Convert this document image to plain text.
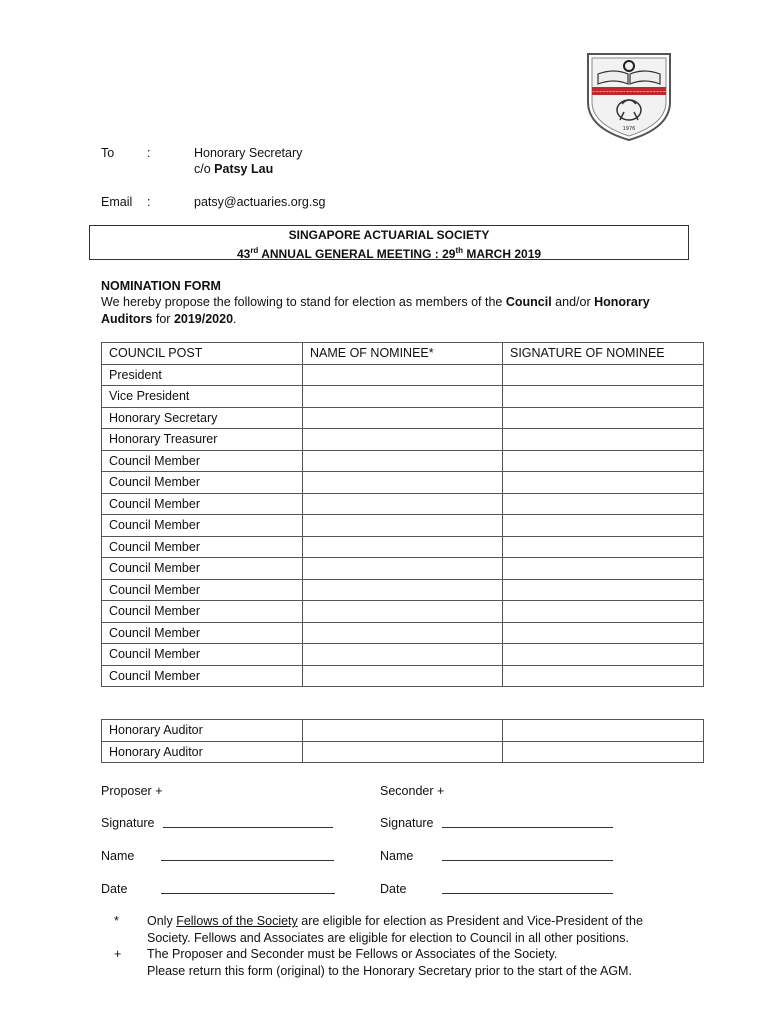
~~~~~~~~~~~~~~~~~~~~~~~~
1976
To	:	Honorary Secretary
c/o Patsy Lau
Email :	patsy@actuaries.org.sg
SINGAPORE ACTUARIAL SOCIETY
43rd ANNUAL GENERAL MEETING : 29th MARCH 2019
NOMINATION FORM
We hereby propose the following to stand for election as members of the Council and/or Honorary
Auditors for 2019/2020.
COUNCIL POST	NAME OF NOMINEE*	SIGNATURE OF NOMINEE
President		
Vice President		
Honorary Secretary		
Honorary Treasurer		
Council Member		
Council Member		
Council Member		
Council Member		
Council Member		
Council Member		
Council Member		
Council Member		
Council Member		
Council Member		
Council Member		
Honorary Auditor		
Honorary Auditor		
Proposer +	Seconder +
Signature	Signature
Name	Name
Date	Date
* Only Fellows of the Society are eligible for election as President and Vice-President of the
Society. Fellows and Associates are eligible for election to Council in all other positions.
+ The Proposer and Seconder must be Fellows or Associates of the Society.
Please return this form (original) to the Honorary Secretary prior to the start of the AGM.
